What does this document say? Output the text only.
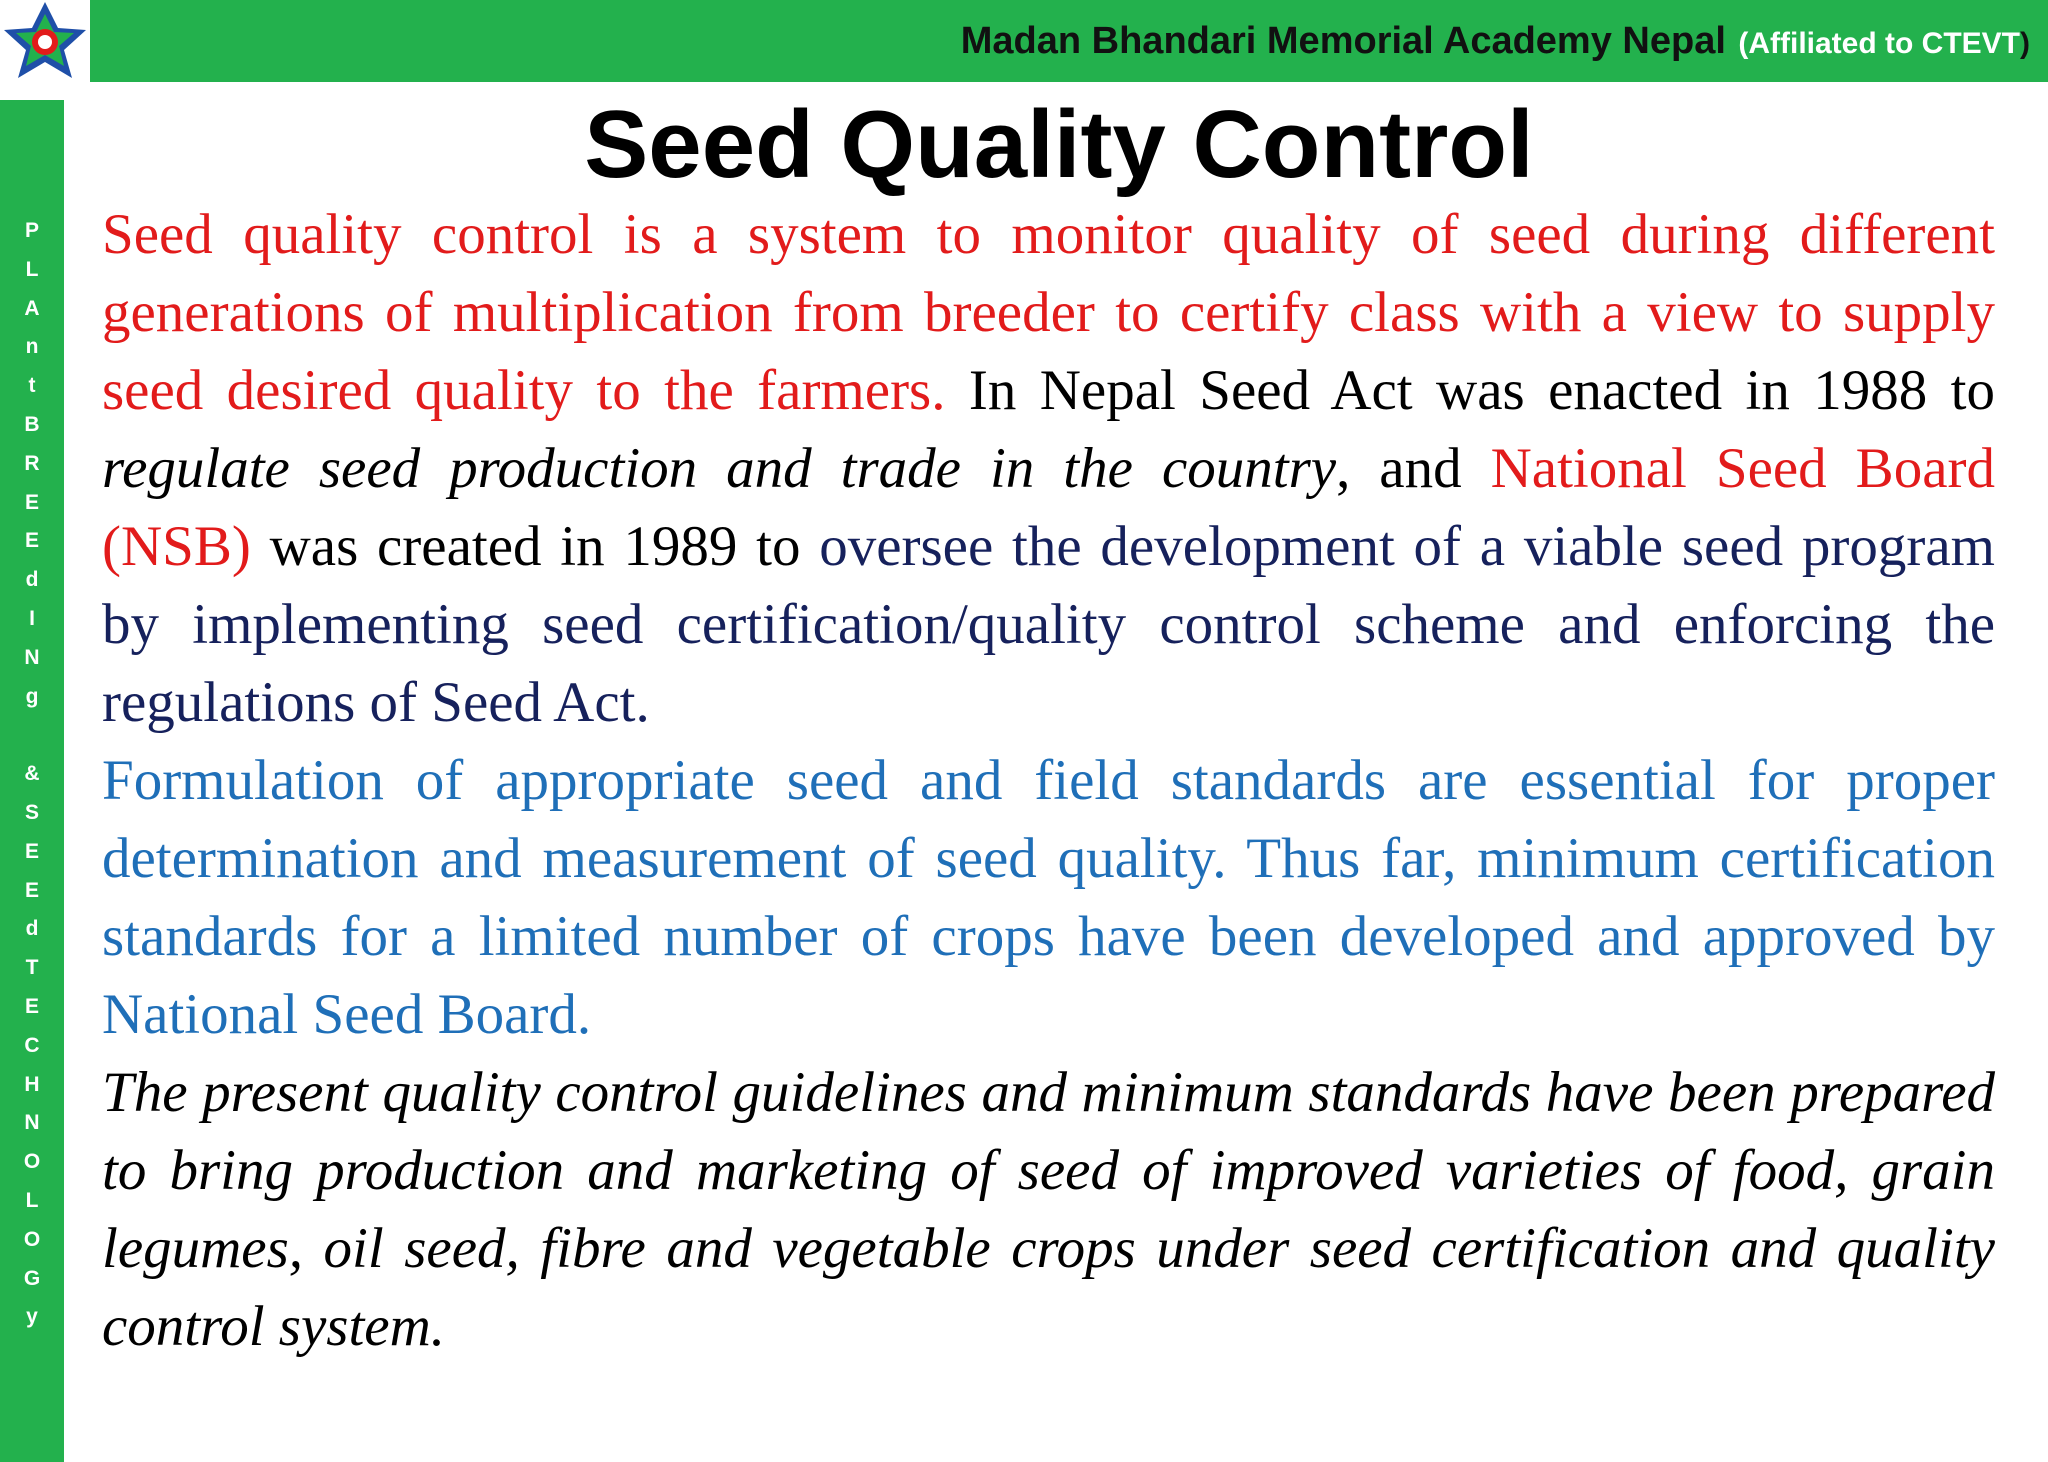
Madan Bhandari Memorial Academy Nepal (Affiliated to CTEVT)
P
L
A
n
t
B
R
E
E
d
I
N
g
&
S
E
E
d
T
E
C
H
N
O
L
O
G
y
Seed Quality Control

Seed quality control is a system to monitor quality of seed during different generations of multiplication from breeder to certify class with a view to supply seed desired quality to the farmers. In Nepal Seed Act was enacted in 1988 to regulate seed production and trade in the country, and National Seed Board (NSB) was created in 1989 to oversee the development of a viable seed program by implementing seed certification/quality control scheme and enforcing the regulations of Seed Act.

Formulation of appropriate seed and field standards are essential for proper determination and measurement of seed quality. Thus far, minimum certification standards for a limited number of crops have been developed and approved by National Seed Board.

The present quality control guidelines and minimum standards have been prepared to bring production and marketing of seed of improved varieties of food, grain legumes, oil seed, fibre and vegetable crops under seed certification and quality control system.
